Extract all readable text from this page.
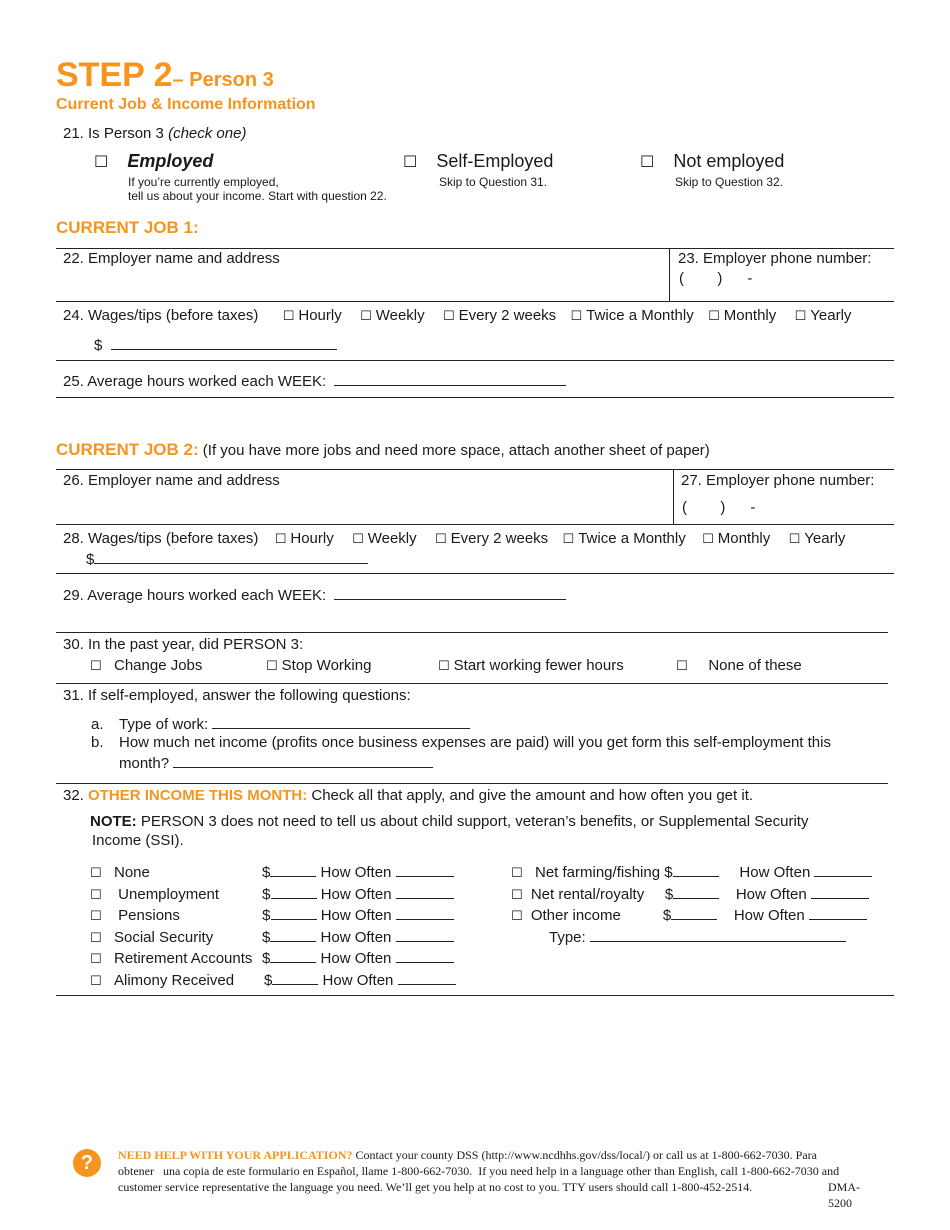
STEP 2– Person 3
Current Job & Income Information
21. Is Person 3 (check one)
☐ Employed
If you’re currently employed,
tell us about your income. Start with question 22.
☐ Self-Employed
Skip to Question 31.
☐ Not employed
Skip to Question 32.
CURRENT JOB 1:
22. Employer name and address	23. Employer phone number:
(        )      -
24. Wages/tips (before taxes) ☐ Hourly ☐ Weekly ☐ Every 2 weeks ☐ Twice a Monthly ☐ Monthly ☐ Yearly
$
25. Average hours worked each WEEK:
CURRENT JOB 2: (If you have more jobs and need more space, attach another sheet of paper)
26. Employer name and address	27. Employer phone number:
(        )      -
28. Wages/tips (before taxes) ☐ Hourly ☐ Weekly ☐ Every 2 weeks ☐ Twice a Monthly ☐ Monthly ☐ Yearly
$
29. Average hours worked each WEEK:
30. In the past year, did PERSON 3:
☐ Change Jobs	☐ Stop Working	☐ Start working fewer hours	☐ None of these
31. If self-employed, answer the following questions:
a. Type of work:
b. How much net income (profits once business expenses are paid) will you get form this self-employment this
month?
32. OTHER INCOME THIS MONTH: Check all that apply, and give the amount and how often you get it.
NOTE: PERSON 3 does not need to tell us about child support, veteran’s benefits, or Supplemental Security
Income (SSI).
☐ None	$	How Often
☐ Unemployment	$	How Often
☐ Pensions	$	How Often
☐ Social Security	$	How Often
☐ Retirement Accounts $	How Often
☐ Alimony Received $	How Often
☐ Net farming/fishing $	How Often
☐ Net rental/royalty $	How Often
☐ Other income	$	How Often
Type:
?	NEED HELP WITH YOUR APPLICATION? Contact your county DSS (http://www.ncdhhs.gov/dss/local/) or call us at 1-800-662-7030. Para
obtener   una copia de este formulario en Español, llame 1-800-662-7030.  If you need help in a language other than English, call 1-800-662-7030 and
customer service representative the language you need. We’ll get you help at no cost to you. TTY users should call 1-800-452-2514.	DMA-
5200
